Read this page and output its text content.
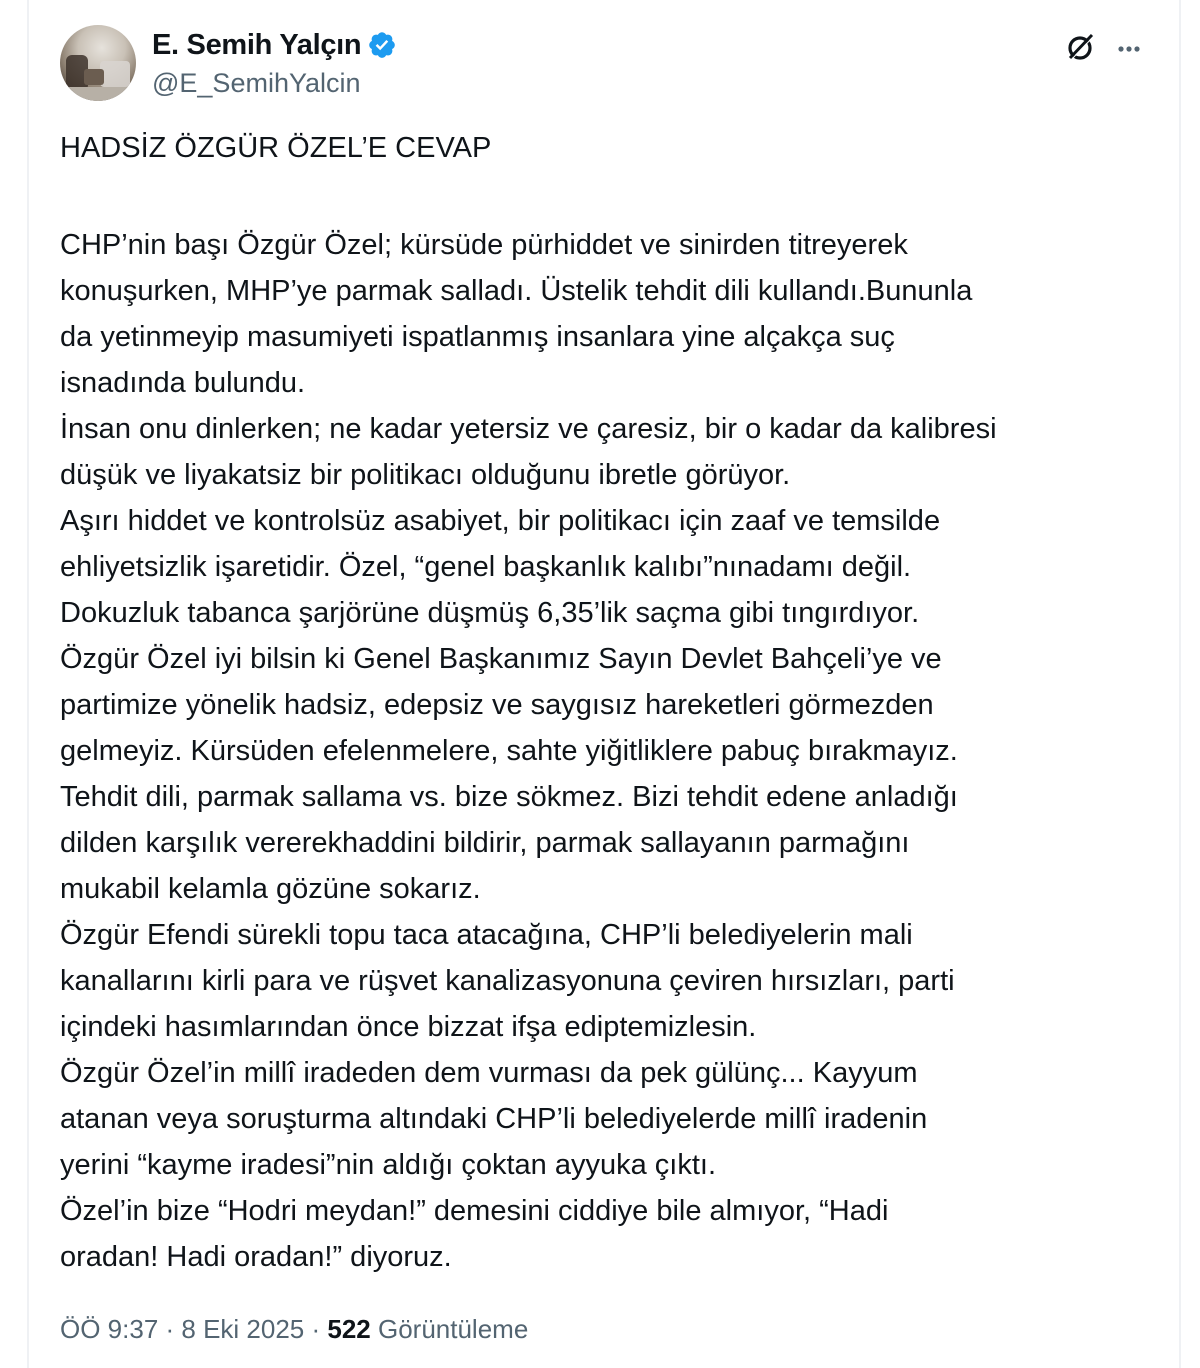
E. Semih Yalçın
@E_SemihYalcin
HADSİZ ÖZGÜR ÖZEL’E CEVAP
CHP’nin başı Özgür Özel; kürsüde pürhiddet ve sinirden titreyerek
konuşurken, MHP’ye parmak salladı. Üstelik tehdit dili kullandı.Bununla
da yetinmeyip masumiyeti ispatlanmış insanlara yine alçakça suç
isnadında bulundu.
İnsan onu dinlerken; ne kadar yetersiz ve çaresiz, bir o kadar da kalibresi
düşük ve liyakatsiz bir politikacı olduğunu ibretle görüyor.
Aşırı hiddet ve kontrolsüz asabiyet, bir politikacı için zaaf ve temsilde
ehliyetsizlik işaretidir. Özel, “genel başkanlık kalıbı”nınadamı değil.
Dokuzluk tabanca şarjörüne düşmüş 6,35’lik saçma gibi tıngırdıyor.
Özgür Özel iyi bilsin ki Genel Başkanımız Sayın Devlet Bahçeli’ye ve
partimize yönelik hadsiz, edepsiz ve saygısız hareketleri görmezden
gelmeyiz. Kürsüden efelenmelere, sahte yiğitliklere pabuç bırakmayız.
Tehdit dili, parmak sallama vs. bize sökmez. Bizi tehdit edene anladığı
dilden karşılık vererekhaddini bildirir, parmak sallayanın parmağını
mukabil kelamla gözüne sokarız.
Özgür Efendi sürekli topu taca atacağına, CHP’li belediyelerin mali
kanallarını kirli para ve rüşvet kanalizasyonuna çeviren hırsızları, parti
içindeki hasımlarından önce bizzat ifşa ediptemizlesin.
Özgür Özel’in millî iradeden dem vurması da pek gülünç... Kayyum
atanan veya soruşturma altındaki CHP’li belediyelerde millî iradenin
yerini “kayme iradesi”nin aldığı çoktan ayyuka çıktı.
Özel’in bize “Hodri meydan!” demesini ciddiye bile almıyor, “Hadi
oradan! Hadi oradan!” diyoruz.
ÖÖ 9:37 · 8 Eki 2025 · 522 Görüntüleme
